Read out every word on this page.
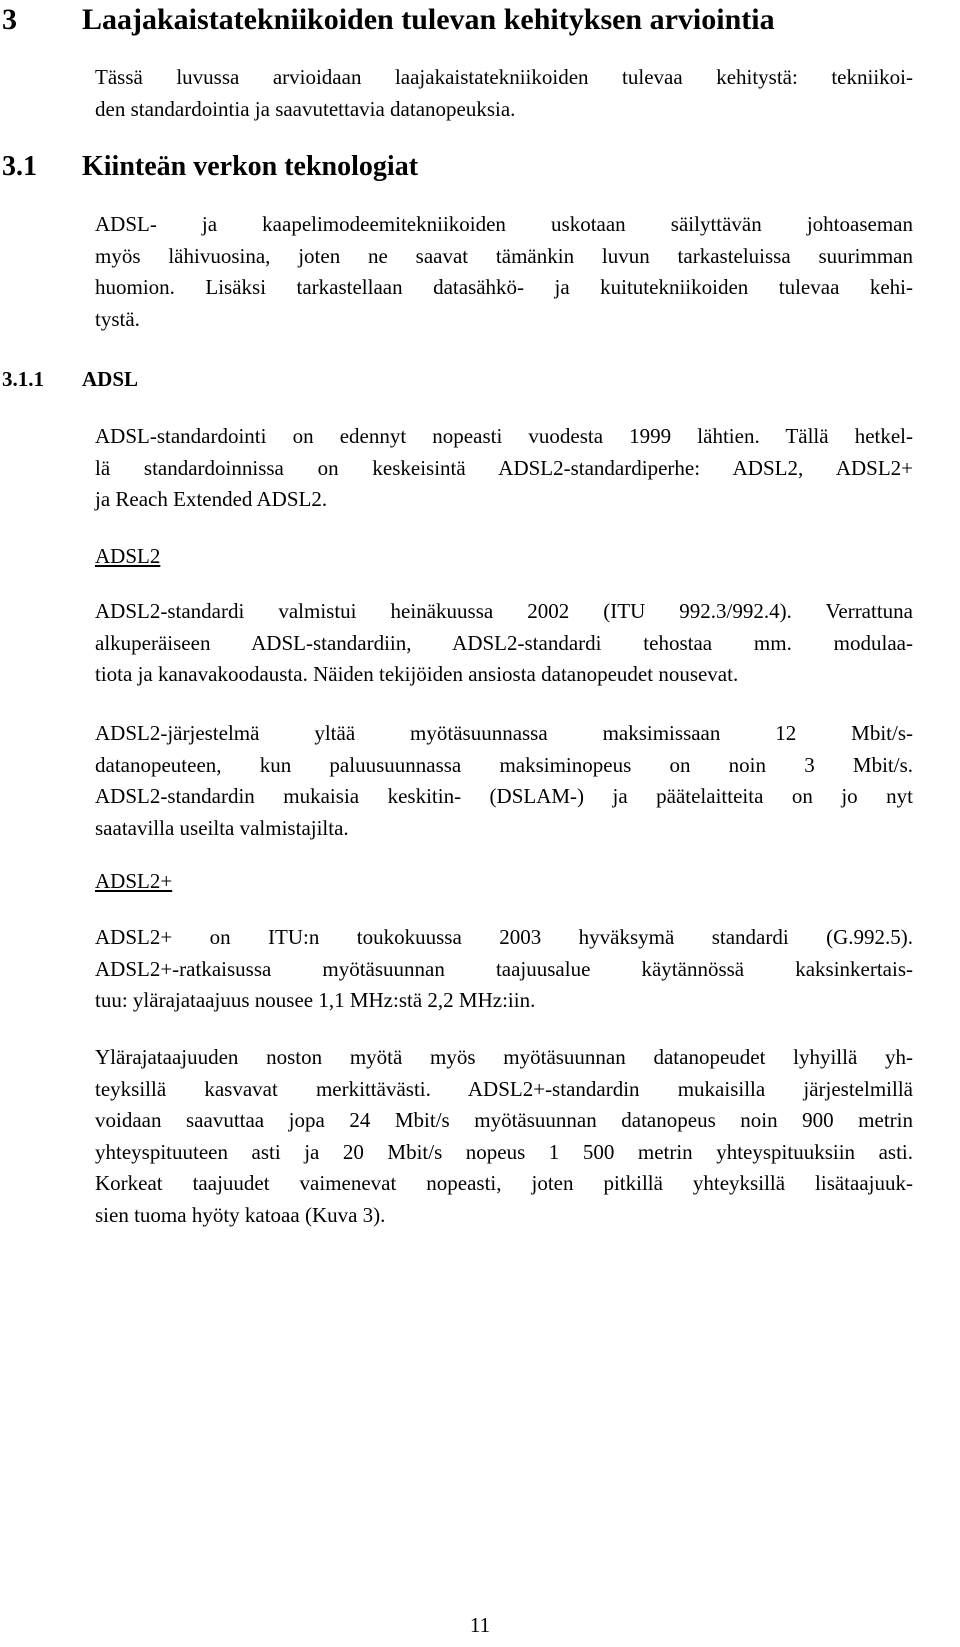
3 Laajakaistatekniikoiden tulevan kehityksen arviointia
Tässä luvussa arvioidaan laajakaistatekniikoiden tulevaa kehitystä: tekniikoi-
den standardointia ja saavutettavia datanopeuksia.
3.1 Kiinteän verkon teknologiat
ADSL- ja kaapelimodeemitekniikoiden uskotaan säilyttävän johtoaseman
myös lähivuosina, joten ne saavat tämänkin luvun tarkasteluissa suurimman
huomion. Lisäksi tarkastellaan datasähkö- ja kuitutekniikoiden tulevaa kehi-
tystä.
3.1.1 ADSL
ADSL-standardointi on edennyt nopeasti vuodesta 1999 lähtien. Tällä hetkel-
lä standardoinnissa on keskeisintä ADSL2-standardiperhe: ADSL2, ADSL2+
ja Reach Extended ADSL2.
ADSL2
ADSL2-standardi valmistui heinäkuussa 2002 (ITU 992.3/992.4). Verrattuna
alkuperäiseen ADSL-standardiin, ADSL2-standardi tehostaa mm. modulaa-
tiota ja kanavakoodausta. Näiden tekijöiden ansiosta datanopeudet nousevat.
ADSL2-järjestelmä yltää myötäsuunnassa maksimissaan 12 Mbit/s-
datanopeuteen, kun paluusuunnassa maksiminopeus on noin 3 Mbit/s.
ADSL2-standardin mukaisia keskitin- (DSLAM-) ja päätelaitteita on jo nyt
saatavilla useilta valmistajilta.
ADSL2+
ADSL2+ on ITU:n toukokuussa 2003 hyväksymä standardi (G.992.5).
ADSL2+-ratkaisussa myötäsuunnan taajuusalue käytännössä kaksinkertais-
tuu: ylärajataajuus nousee 1,1 MHz:stä 2,2 MHz:iin.
Ylärajataajuuden noston myötä myös myötäsuunnan datanopeudet lyhyillä yh-
teyksillä kasvavat merkittävästi. ADSL2+-standardin mukaisilla järjestelmillä
voidaan saavuttaa jopa 24 Mbit/s myötäsuunnan datanopeus noin 900 metrin
yhteyspituuteen asti ja 20 Mbit/s nopeus 1 500 metrin yhteyspituuksiin asti.
Korkeat taajuudet vaimenevat nopeasti, joten pitkillä yhteyksillä lisätaajuuk-
sien tuoma hyöty katoaa (Kuva 3).
11
